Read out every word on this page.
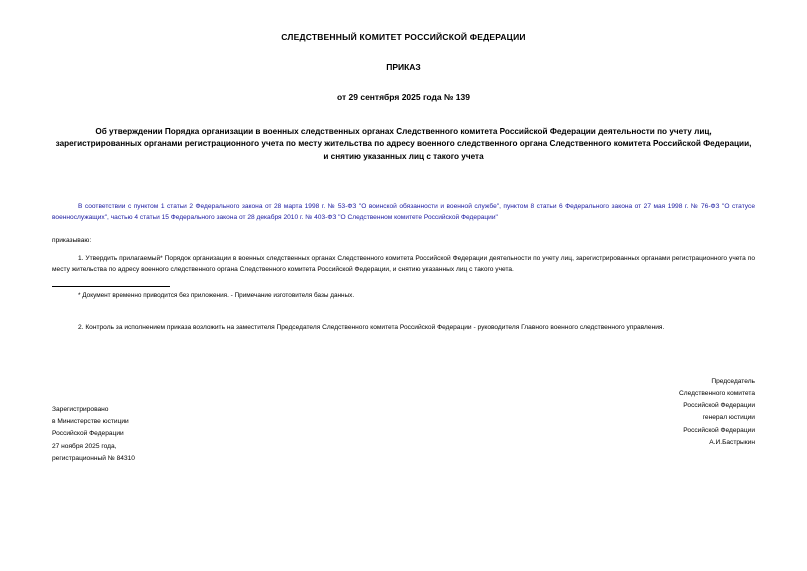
СЛЕДСТВЕННЫЙ КОМИТЕТ РОССИЙСКОЙ ФЕДЕРАЦИИ
ПРИКАЗ
от 29 сентября 2025 года № 139
Об утверждении Порядка организации в военных следственных органах Следственного комитета Российской Федерации деятельности по учету лиц, зарегистрированных органами регистрационного учета по месту жительства по адресу военного следственного органа Следственного комитета Российской Федерации, и снятию указанных лиц с такого учета

В соответствии с пунктом 1 статьи 2 Федерального закона от 28 марта 1998 г. № 53-ФЗ "О воинской обязанности и военной службе", пунктом 8 статьи 6 Федерального закона от 27 мая 1998 г. № 76-ФЗ "О статусе военнослужащих", частью 4 статьи 15 Федерального закона от 28 декабря 2010 г. № 403-ФЗ "О Следственном комитете Российской Федерации"

приказываю:

1. Утвердить прилагаемый* Порядок организации в военных следственных органах Следственного комитета Российской Федерации деятельности по учету лиц, зарегистрированных органами регистрационного учета по месту жительства по адресу военного следственного органа Следственного комитета Российской Федерации, и снятию указанных лиц с такого учета.

* Документ временно приводится без приложения. - Примечание изготовителя базы данных.

2. Контроль за исполнением приказа возложить на заместителя Председателя Следственного комитета Российской Федерации - руководителя Главного военного следственного управления.

Председатель
Следственного комитета
Российской Федерации
генерал юстиции
Российской Федерации
А.И.Бастрыкин
Зарегистрировано
в Министерстве юстиции
Российской Федерации
27 ноября 2025 года,
регистрационный № 84310
